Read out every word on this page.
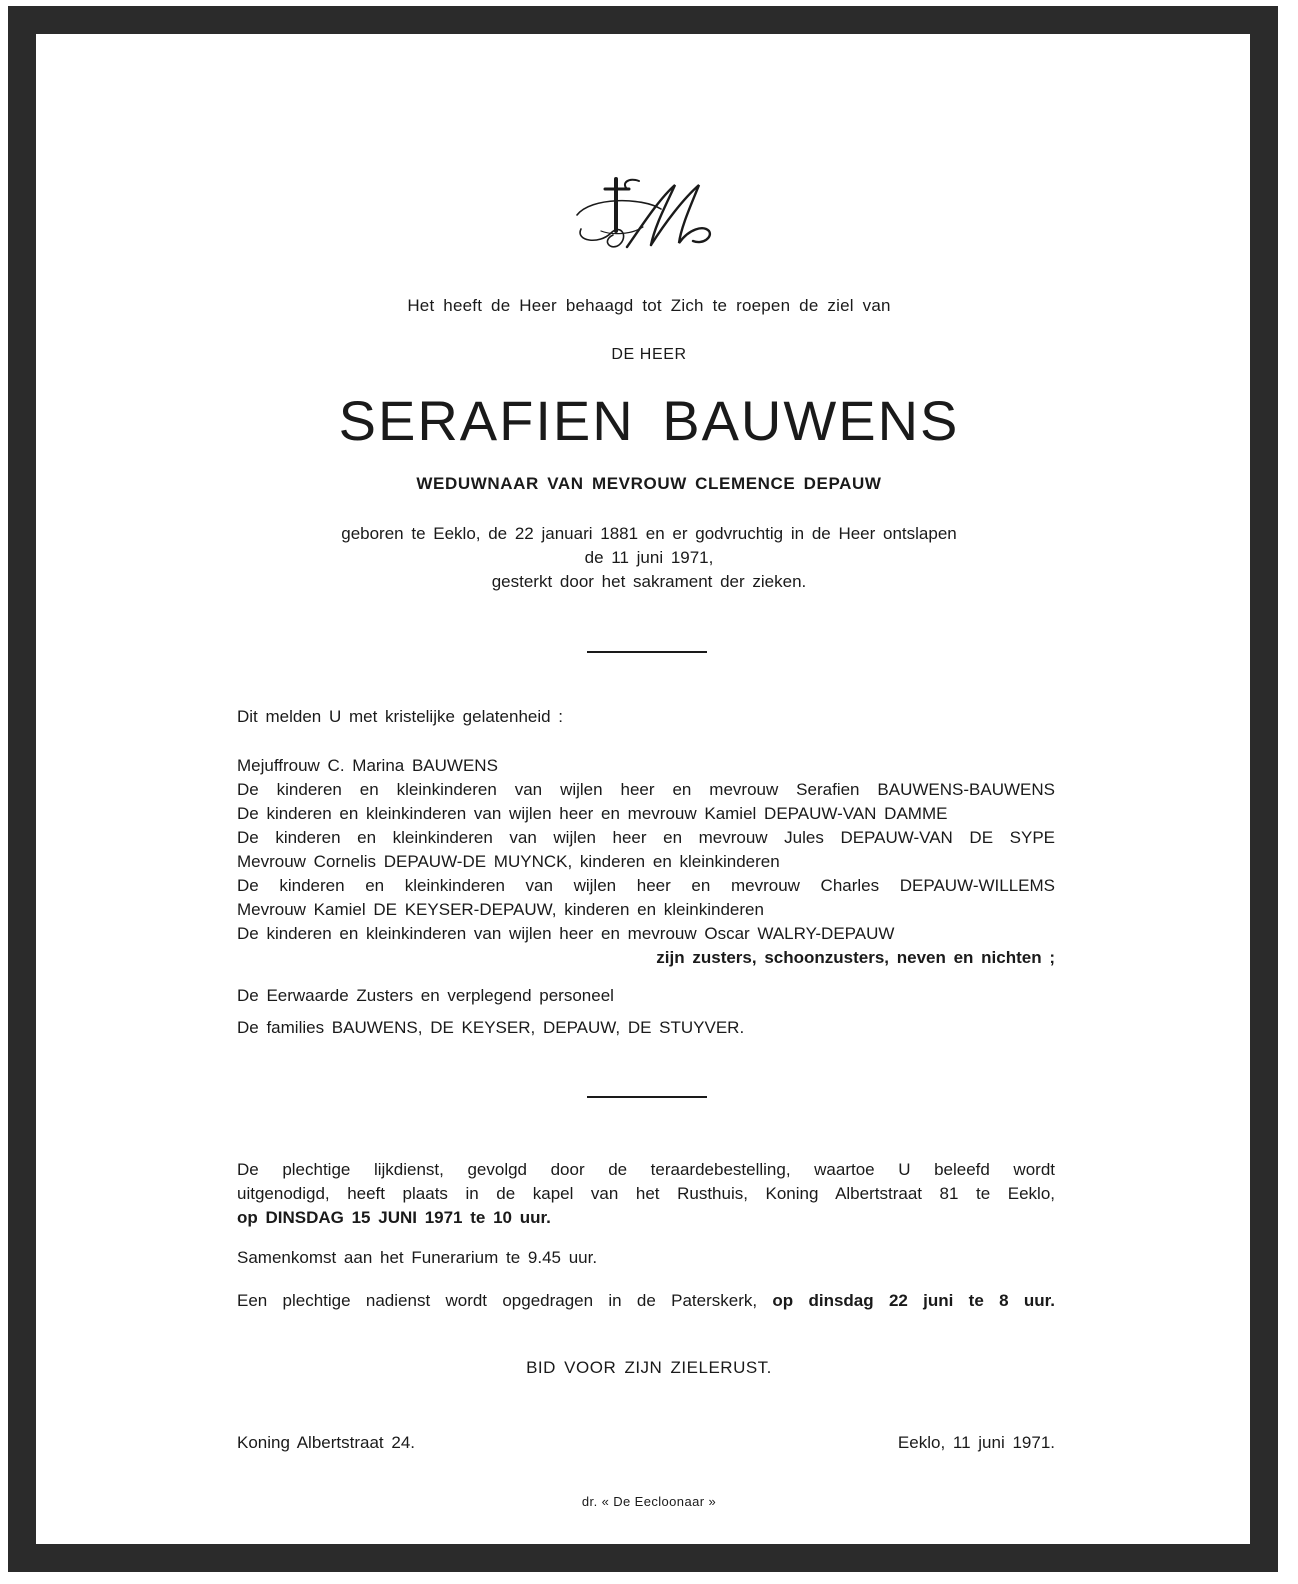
Het heeft de Heer behaagd tot Zich te roepen de ziel van
DE HEER
SERAFIEN BAUWENS
WEDUWNAAR VAN MEVROUW CLEMENCE DEPAUW
geboren te Eeklo, de 22 januari 1881 en er godvruchtig in de Heer ontslapen
de 11 juni 1971,
gesterkt door het sakrament der zieken.
Dit melden U met kristelijke gelatenheid :
Mejuffrouw C. Marina BAUWENS
De kinderen en kleinkinderen van wijlen heer en mevrouw Serafien BAUWENS-BAUWENS
De kinderen en kleinkinderen van wijlen heer en mevrouw Kamiel DEPAUW-VAN DAMME
De kinderen en kleinkinderen van wijlen heer en mevrouw Jules DEPAUW-VAN DE SYPE
Mevrouw Cornelis DEPAUW-DE MUYNCK, kinderen en kleinkinderen
De kinderen en kleinkinderen van wijlen heer en mevrouw Charles DEPAUW-WILLEMS
Mevrouw Kamiel DE KEYSER-DEPAUW, kinderen en kleinkinderen
De kinderen en kleinkinderen van wijlen heer en mevrouw Oscar WALRY-DEPAUW
zijn zusters, schoonzusters, neven en nichten ;
De Eerwaarde Zusters en verplegend personeel
De families BAUWENS, DE KEYSER, DEPAUW, DE STUYVER.
De plechtige lijkdienst, gevolgd door de teraardebestelling, waartoe U beleefd wordt
uitgenodigd, heeft plaats in de kapel van het Rusthuis, Koning Albertstraat 81 te Eeklo,
op DINSDAG 15 JUNI 1971 te 10 uur.
Samenkomst aan het Funerarium te 9.45 uur.
Een plechtige nadienst wordt opgedragen in de Paterskerk, op dinsdag 22 juni te 8 uur.
BID VOOR ZIJN ZIELERUST.
Koning Albertstraat 24.	Eeklo, 11 juni 1971.
dr. « De Eecloonaar »
